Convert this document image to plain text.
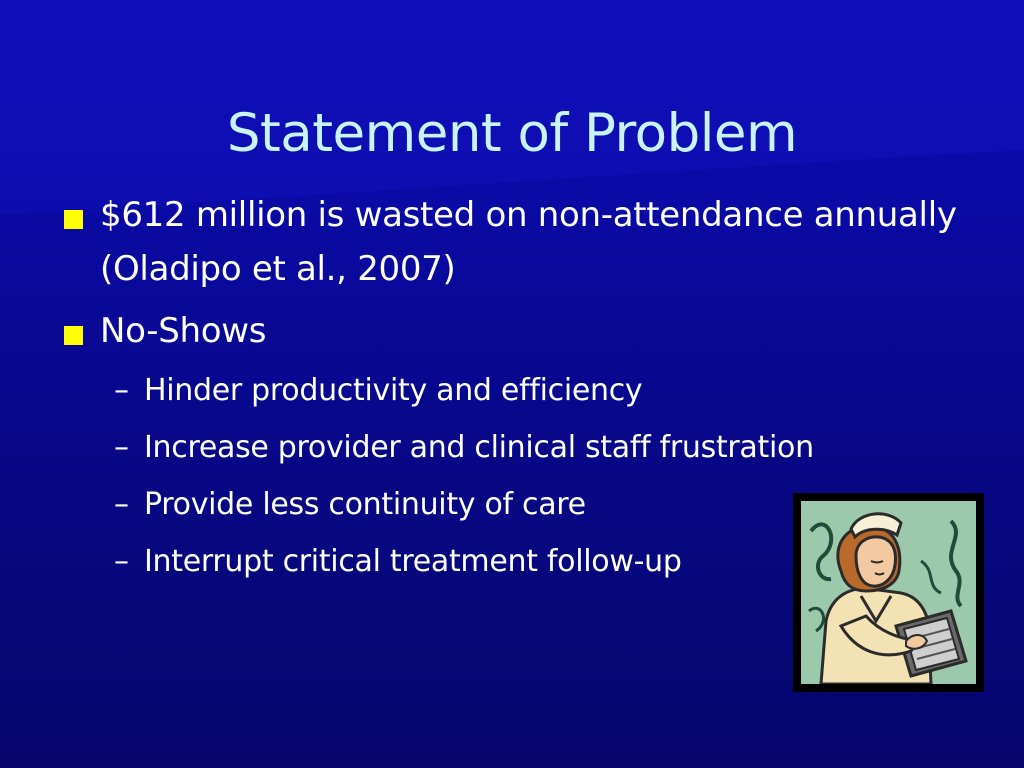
Statement of Problem
$612 million is wasted on non-attendance annually (Oladipo et al., 2007)
No-Shows
– Hinder productivity and efficiency
– Increase provider and clinical staff frustration
– Provide less continuity of care
– Interrupt critical treatment follow-up
